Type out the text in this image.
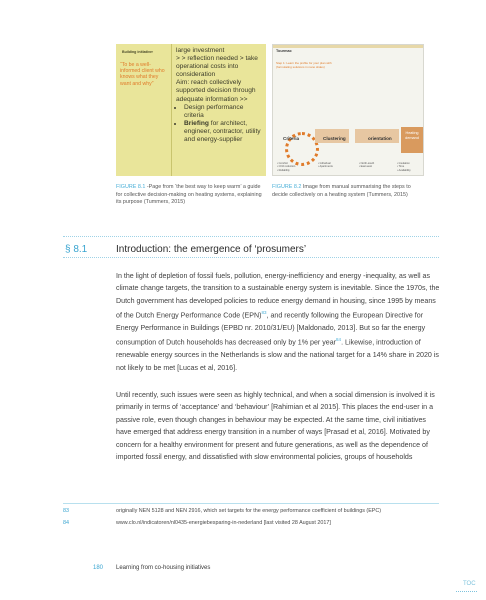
Building initiative›
“To be a well-informed client who knows what they want and why”
large investment
> > reflection needed > take operational costs into consideration
Aim: reach collectively supported decision through adequate information >>
• Design performance criteria
• Briefing for architect, engineer, contractor, utility and energy-supplier
FIGURE 8.1 -Page from ‘the best way to keep warm’ a guide for collective decision-making on heating systems, explaining its purpose (Tummers, 2015)
Tourmac
Step 1: Learn the profile for your plan with (formulating solutions in nano slides)
Criteria	Clustering	orientation
Heating demand
• Comfort
• CO2 reduction
• Reliability
• Individual
• Apartments
• North-south
• East-west
• Insulation
• Time
• Availability
FIGURE 8.2 Image from manual summarising the steps to decide collectively on a heating system (Tummers, 2015)
§ 8.1	Introduction: the emergence of ‘prosumers’

In the light of depletion of fossil fuels, pollution, energy-inefficiency and energy -inequality, as well as climate change targets, the transition to a sustainable energy system is inevitable. Since the 1970s, the Dutch government has developed policies to reduce energy demand in housing, since 1995 by means of the Dutch Energy Performance Code (EPN)$^{83}$, and recently following the European Directive for Energy Performance in Buildings (EPBD nr. 2010/31/EU) [Maldonado, 2013]. But so far the energy consumption of Dutch households has decreased only by 1% per year$^{84}$. Likewise, introduction of renewable energy sources in the Netherlands is slow and the national target for a 14% share in 2020 is not likely to be met [Lucas et al, 2016].

Until recently, such issues were seen as highly technical, and when a social dimension is involved it is primarily in terms of ‘acceptance’ and ‘behaviour’ [Rahimian et al 2015]. This places the end-user in a passive role, even though changes in behaviour may be expected. At the same time, civil initiatives have emerged that address energy transition in a number of ways [Prasad et al, 2016]. Motivated by concern for a healthy environment for present and future generations, as well as the dependence of imported fossil energy, and dissatisfied with slow environmental policies, groups of households

83	originally NEN 5128 and NEN 2916, which set targets for the energy performance coefficient of buildings (EPC)
84	www.clo.nl/indicatoren/nl0435-energiebesparing-in-nederland [last visited 28 August 2017]
180 Learning from co-housing initiatives
TOC
